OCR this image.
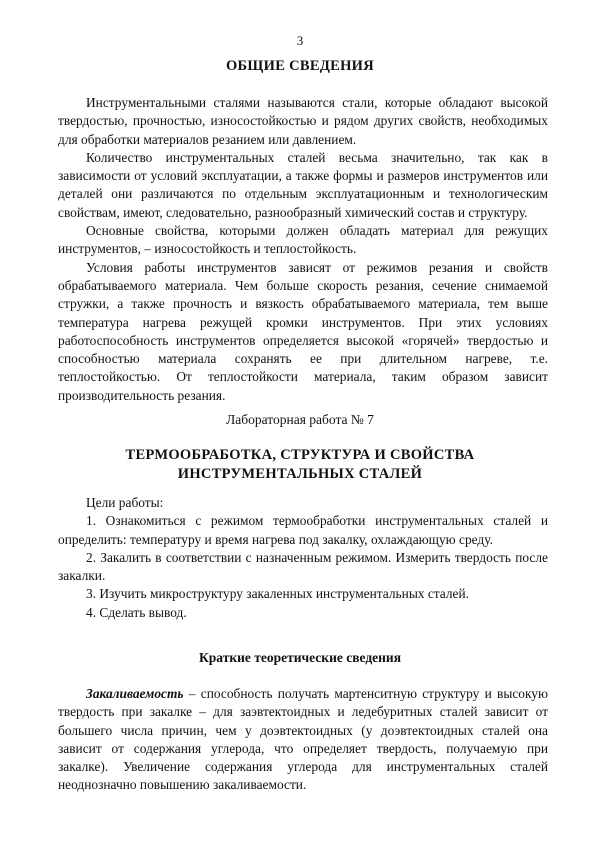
3
ОБЩИЕ СВЕДЕНИЯ

Инструментальными сталями называются стали, которые обладают высокой твердостью, прочностью, износостойкостью и рядом других свойств, необходимых для обработки материалов резанием или давлением.

Количество инструментальных сталей весьма значительно, так как в зависимости от условий эксплуатации, а также формы и размеров инструментов или деталей они различаются по отдельным эксплуатационным и технологическим свойствам, имеют, следовательно, разнообразный химический состав и структуру.

Основные свойства, которыми должен обладать материал для режущих инструментов, – износостойкость и теплостойкость.

Условия работы инструментов зависят от режимов резания и свойств обрабатываемого материала. Чем больше скорость резания, сечение снимаемой стружки, а также прочность и вязкость обрабатываемого материала, тем выше температура нагрева режущей кромки инструментов. При этих условиях работоспособность инструментов определяется высокой «горячей» твердостью и способностью материала сохранять ее при длительном нагреве, т.е. теплостойкостью. От теплостойкости материала, таким образом зависит производительность резания.

Лабораторная работа № 7
ТЕРМООБРАБОТКА, СТРУКТУРА И СВОЙСТВА
ИНСТРУМЕНТАЛЬНЫХ СТАЛЕЙ

Цели работы:

1. Ознакомиться с режимом термообработки инструментальных сталей и определить: температуру и время нагрева под закалку, охлаждающую среду.

2. Закалить в соответствии с назначенным режимом. Измерить твердость после закалки.

3. Изучить микроструктуру закаленных инструментальных сталей.

4. Сделать вывод.

Краткие теоретические сведения

Закаливаемость – способность получать мартенситную структуру и высокую твердость при закалке – для заэвтектоидных и ледебуритных сталей зависит от большего числа причин, чем у доэвтектоидных (у доэвтектоидных сталей она зависит от содержания углерода, что определяет твердость, получаемую при закалке). Увеличение содержания углерода для инструментальных сталей неоднозначно повышению закаливаемости.
